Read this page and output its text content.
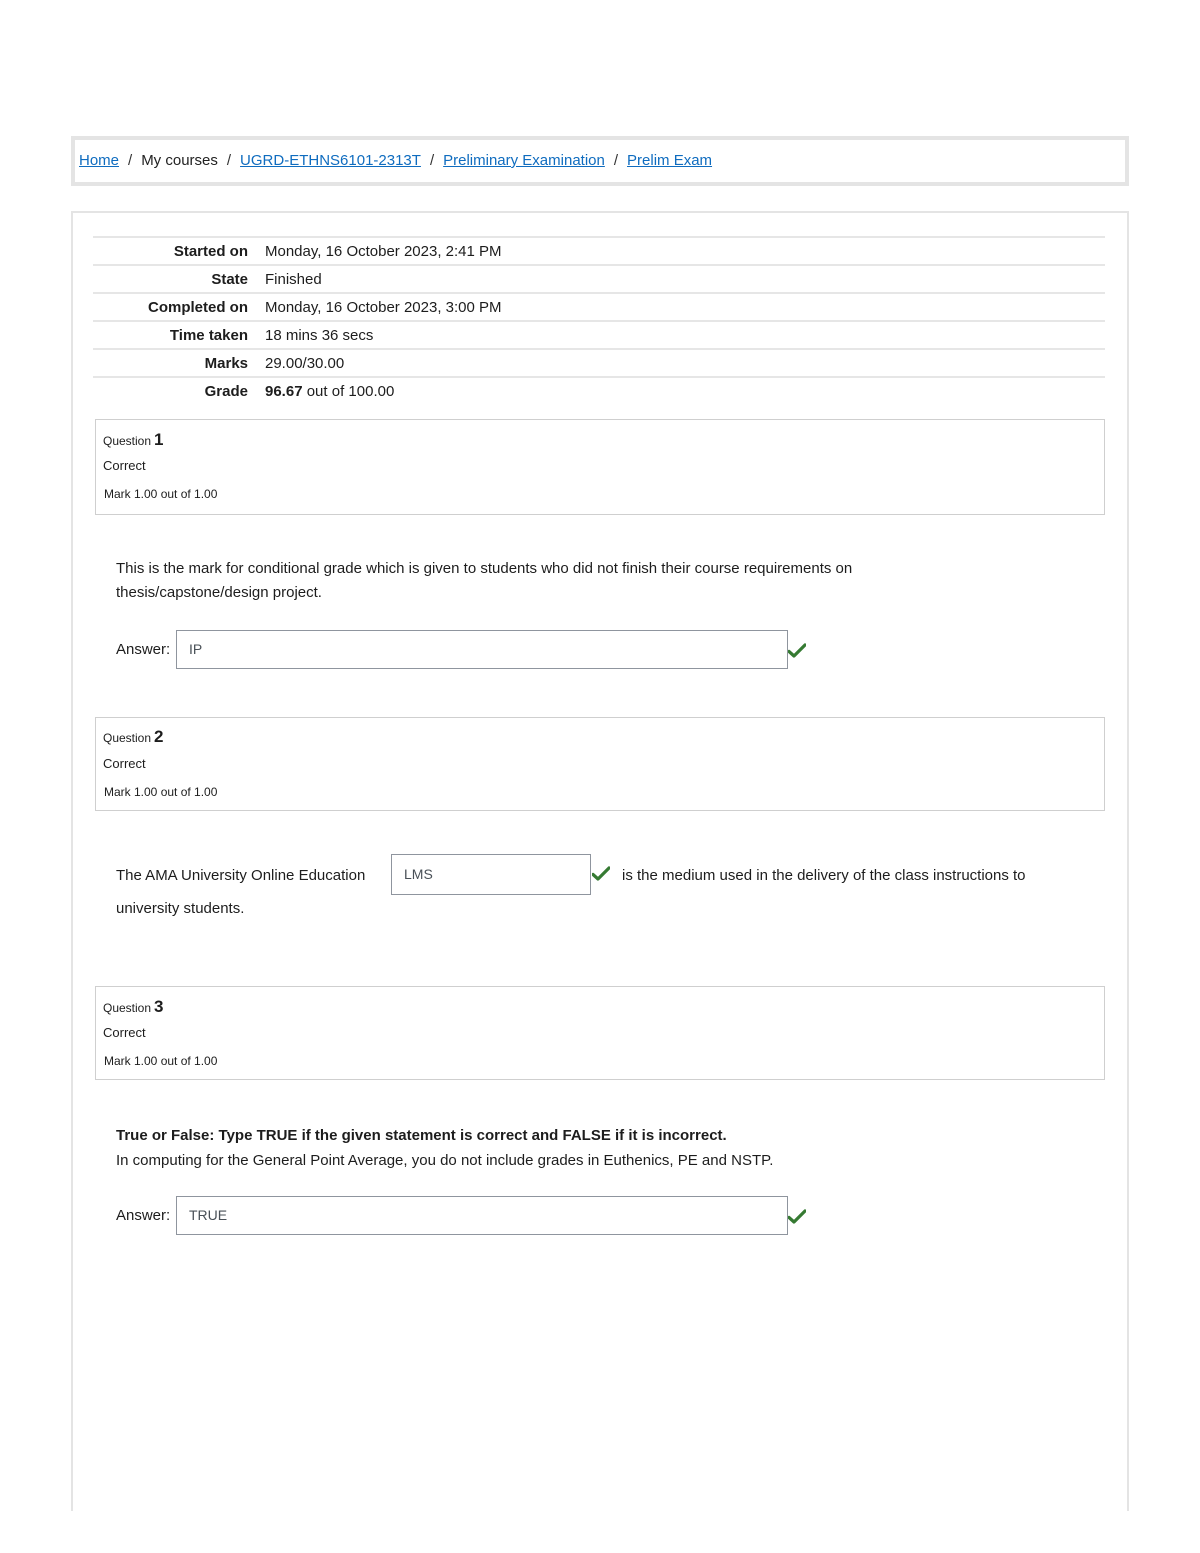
Home / My courses / UGRD-ETHNS6101-2313T / Preliminary Examination / Prelim Exam
Started on Monday, 16 October 2023, 2:41 PM
State Finished
Completed on Monday, 16 October 2023, 3:00 PM
Time taken 18 mins 36 secs
Marks 29.00/30.00
Grade 96.67 out of 100.00
Question 1
Correct
Mark 1.00 out of 1.00
This is the mark for conditional grade which is given to students who did not finish their course requirements on thesis/capstone/design project.
Answer:	IP
Question 2
Correct
Mark 1.00 out of 1.00
The AMA University Online Education	LMS	is the medium used in the delivery of the class instructions to
university students.
Question 3
Correct
Mark 1.00 out of 1.00
True or False: Type TRUE if the given statement is correct and FALSE if it is incorrect.
In computing for the General Point Average, you do not include grades in Euthenics, PE and NSTP.
Answer:	TRUE
